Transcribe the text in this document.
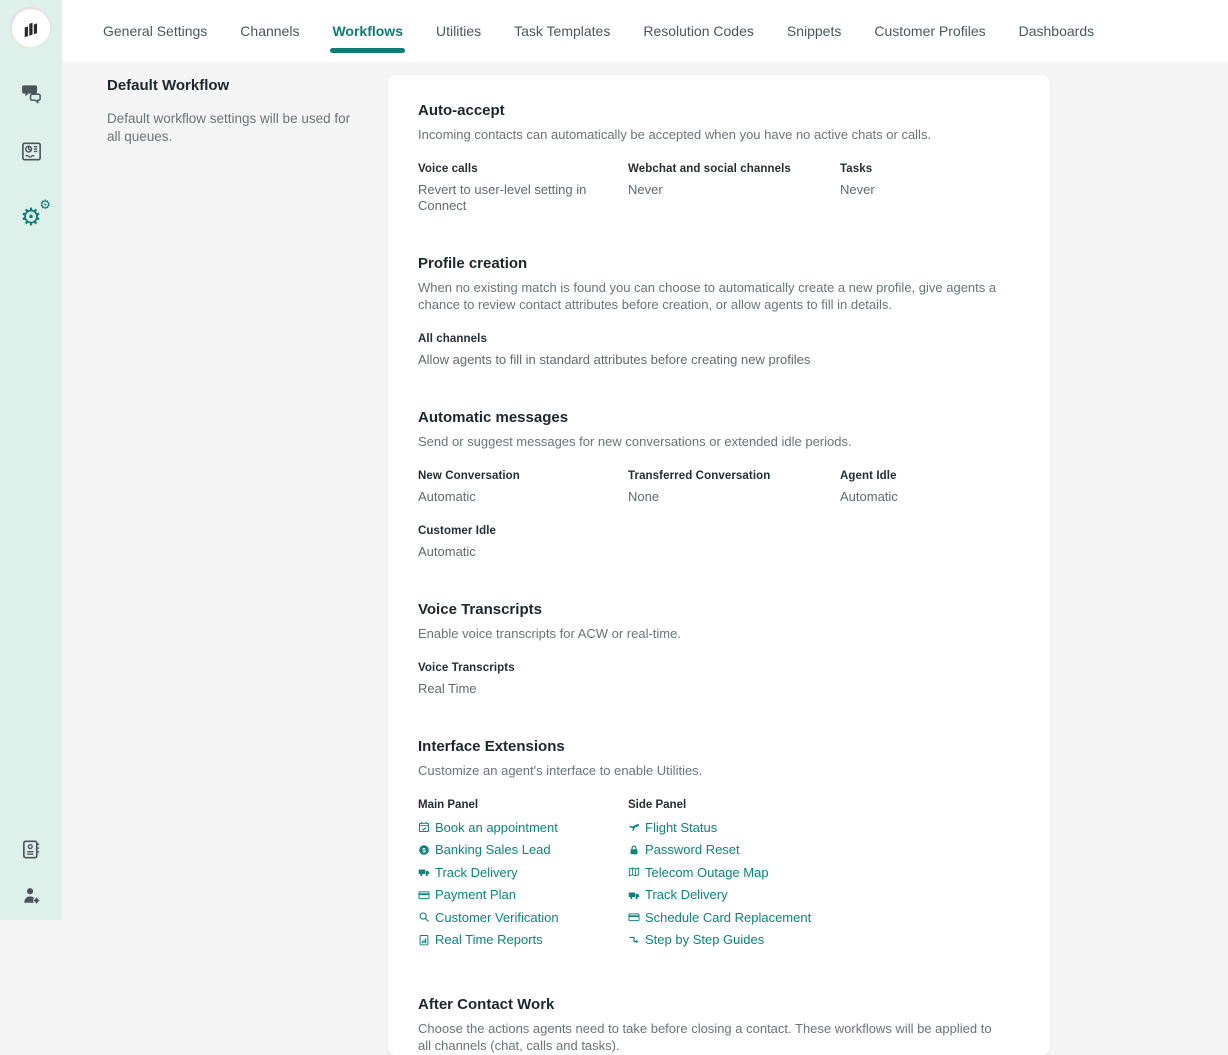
⚙
⚙
General Settings Channels Workflows Utilities Task Templates Resolution Codes Snippets Customer Profiles Dashboards
Default Workflow

Default workflow settings will be used for all queues.

Auto-accept

Incoming contacts can automatically be accepted when you have no active chats or calls.

Voice calls
Revert to user-level setting in Connect
Webchat and social channels
Never
Tasks
Never
Profile creation

When no existing match is found you can choose to automatically create a new profile, give agents a chance to review contact attributes before creation, or allow agents to fill in details.

All channels
Allow agents to fill in standard attributes before creating new profiles
Automatic messages

Send or suggest messages for new conversations or extended idle periods.

New Conversation
Automatic
Transferred Conversation
None
Agent Idle
Automatic
Customer Idle
Automatic
Voice Transcripts

Enable voice transcripts for ACW or real-time.

Voice Transcripts
Real Time
Interface Extensions

Customize an agent's interface to enable Utilities.

Main Panel
Book an appointment
Banking Sales Lead
Track Delivery
Payment Plan
Customer Verification
Real Time Reports
Side Panel
Flight Status
Password Reset
Telecom Outage Map
Track Delivery
Schedule Card Replacement
Step by Step Guides
After Contact Work

Choose the actions agents need to take before closing a contact. These workflows will be applied to all channels (chat, calls and tasks).
